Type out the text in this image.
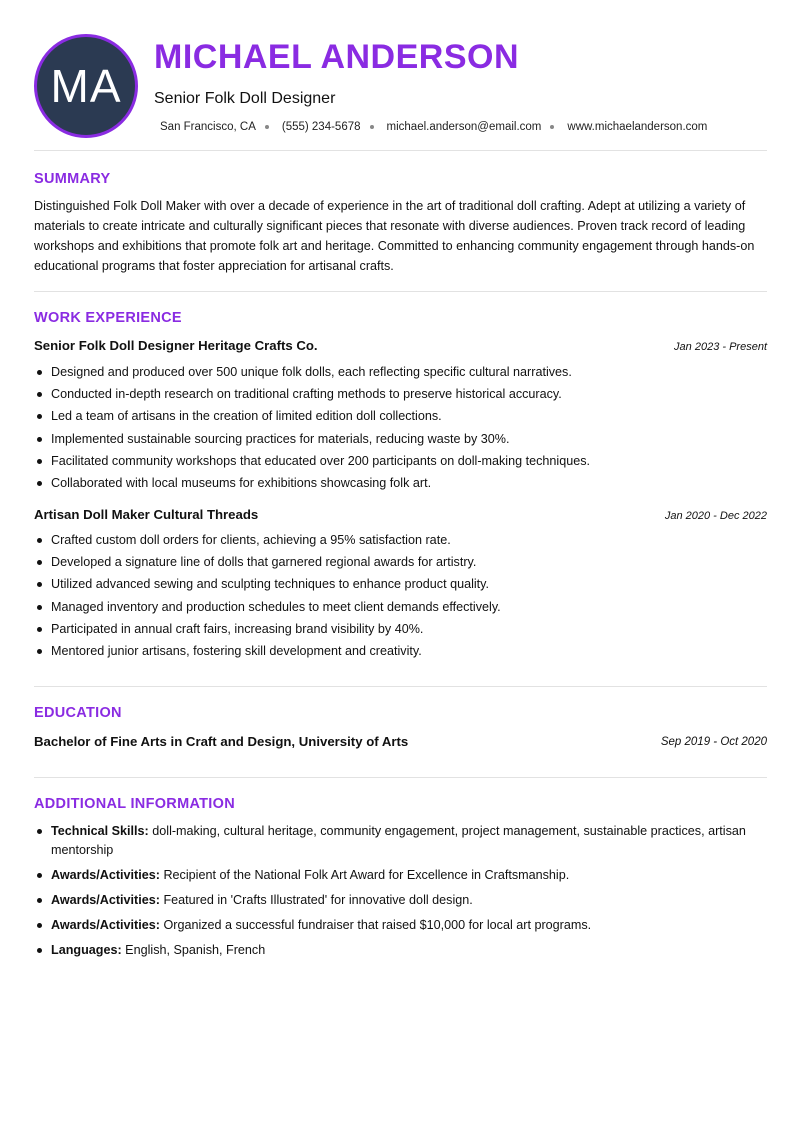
MA
MICHAEL ANDERSON
Senior Folk Doll Designer
San Francisco, CA (555) 234-5678 michael.anderson@email.com www.michaelanderson.com
SUMMARY
Distinguished Folk Doll Maker with over a decade of experience in the art of traditional doll crafting. Adept at utilizing a variety of materials to create intricate and culturally significant pieces that resonate with diverse audiences. Proven track record of leading workshops and exhibitions that promote folk art and heritage. Committed to enhancing community engagement through hands-on educational programs that foster appreciation for artisanal crafts.
WORK EXPERIENCE
Senior Folk Doll Designer Heritage Crafts Co.	Jan 2023 - Present
Designed and produced over 500 unique folk dolls, each reflecting specific cultural narratives.
Conducted in-depth research on traditional crafting methods to preserve historical accuracy.
Led a team of artisans in the creation of limited edition doll collections.
Implemented sustainable sourcing practices for materials, reducing waste by 30%.
Facilitated community workshops that educated over 200 participants on doll-making techniques.
Collaborated with local museums for exhibitions showcasing folk art.
Artisan Doll Maker Cultural Threads	Jan 2020 - Dec 2022
Crafted custom doll orders for clients, achieving a 95% satisfaction rate.
Developed a signature line of dolls that garnered regional awards for artistry.
Utilized advanced sewing and sculpting techniques to enhance product quality.
Managed inventory and production schedules to meet client demands effectively.
Participated in annual craft fairs, increasing brand visibility by 40%.
Mentored junior artisans, fostering skill development and creativity.
EDUCATION
Bachelor of Fine Arts in Craft and Design, University of Arts	Sep 2019 - Oct 2020
ADDITIONAL INFORMATION
Technical Skills: doll-making, cultural heritage, community engagement, project management, sustainable practices, artisan mentorship
Awards/Activities: Recipient of the National Folk Art Award for Excellence in Craftsmanship.
Awards/Activities: Featured in 'Crafts Illustrated' for innovative doll design.
Awards/Activities: Organized a successful fundraiser that raised $10,000 for local art programs.
Languages: English, Spanish, French
